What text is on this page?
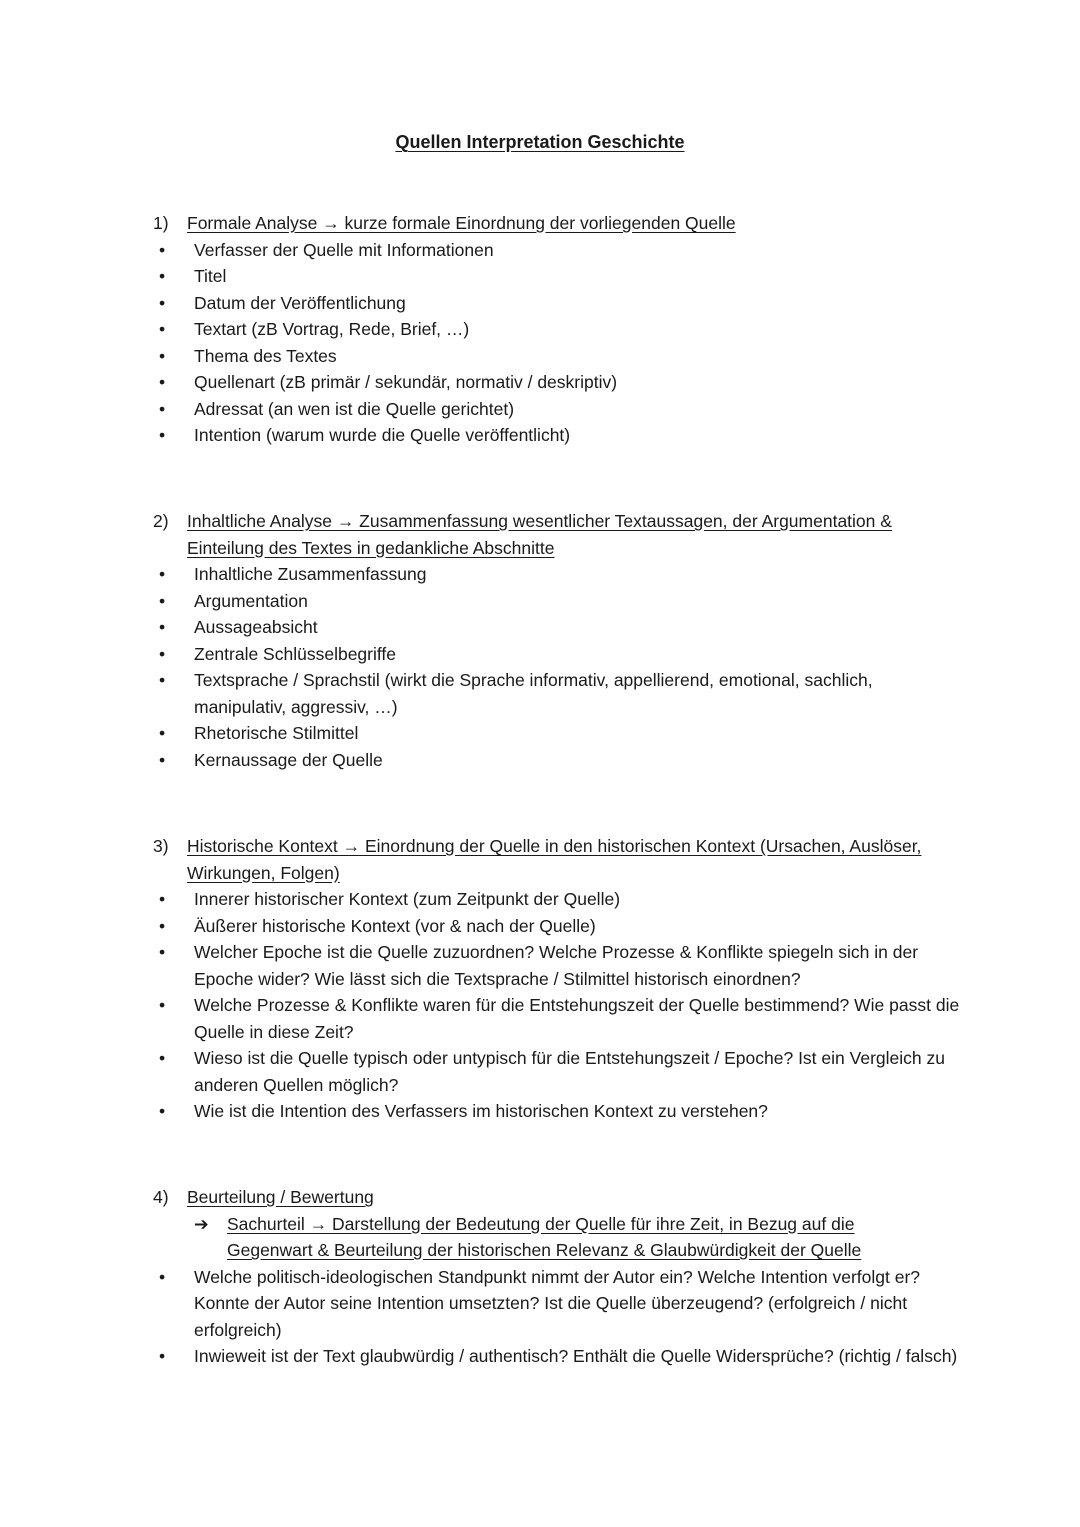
Quellen Interpretation Geschichte
1) Formale Analyse → kurze formale Einordnung der vorliegenden Quelle
• Verfasser der Quelle mit Informationen
• Titel
• Datum der Veröffentlichung
• Textart (zB Vortrag, Rede, Brief, …)
• Thema des Textes
• Quellenart (zB primär / sekundär, normativ / deskriptiv)
• Adressat (an wen ist die Quelle gerichtet)
• Intention (warum wurde die Quelle veröffentlicht)
2) Inhaltliche Analyse → Zusammenfassung wesentlicher Textaussagen, der Argumentation & Einteilung des Textes in gedankliche Abschnitte
• Inhaltliche Zusammenfassung
• Argumentation
• Aussageabsicht
• Zentrale Schlüsselbegriffe
• Textsprache / Sprachstil (wirkt die Sprache informativ, appellierend, emotional, sachlich, manipulativ, aggressiv, …)
• Rhetorische Stilmittel
• Kernaussage der Quelle
3) Historische Kontext → Einordnung der Quelle in den historischen Kontext (Ursachen, Auslöser, Wirkungen, Folgen)
• Innerer historischer Kontext (zum Zeitpunkt der Quelle)
• Äußerer historische Kontext (vor & nach der Quelle)
• Welcher Epoche ist die Quelle zuzuordnen? Welche Prozesse & Konflikte spiegeln sich in der Epoche wider? Wie lässt sich die Textsprache / Stilmittel historisch einordnen?
• Welche Prozesse & Konflikte waren für die Entstehungszeit der Quelle bestimmend? Wie passt die Quelle in diese Zeit?
• Wieso ist die Quelle typisch oder untypisch für die Entstehungszeit / Epoche? Ist ein Vergleich zu anderen Quellen möglich?
• Wie ist die Intention des Verfassers im historischen Kontext zu verstehen?
4) Beurteilung / Bewertung
➔ Sachurteil → Darstellung der Bedeutung der Quelle für ihre Zeit, in Bezug auf die Gegenwart & Beurteilung der historischen Relevanz & Glaubwürdigkeit der Quelle
• Welche politisch-ideologischen Standpunkt nimmt der Autor ein? Welche Intention verfolgt er? Konnte der Autor seine Intention umsetzten? Ist die Quelle überzeugend? (erfolgreich / nicht erfolgreich)
• Inwieweit ist der Text glaubwürdig / authentisch? Enthält die Quelle Widersprüche? (richtig / falsch)
